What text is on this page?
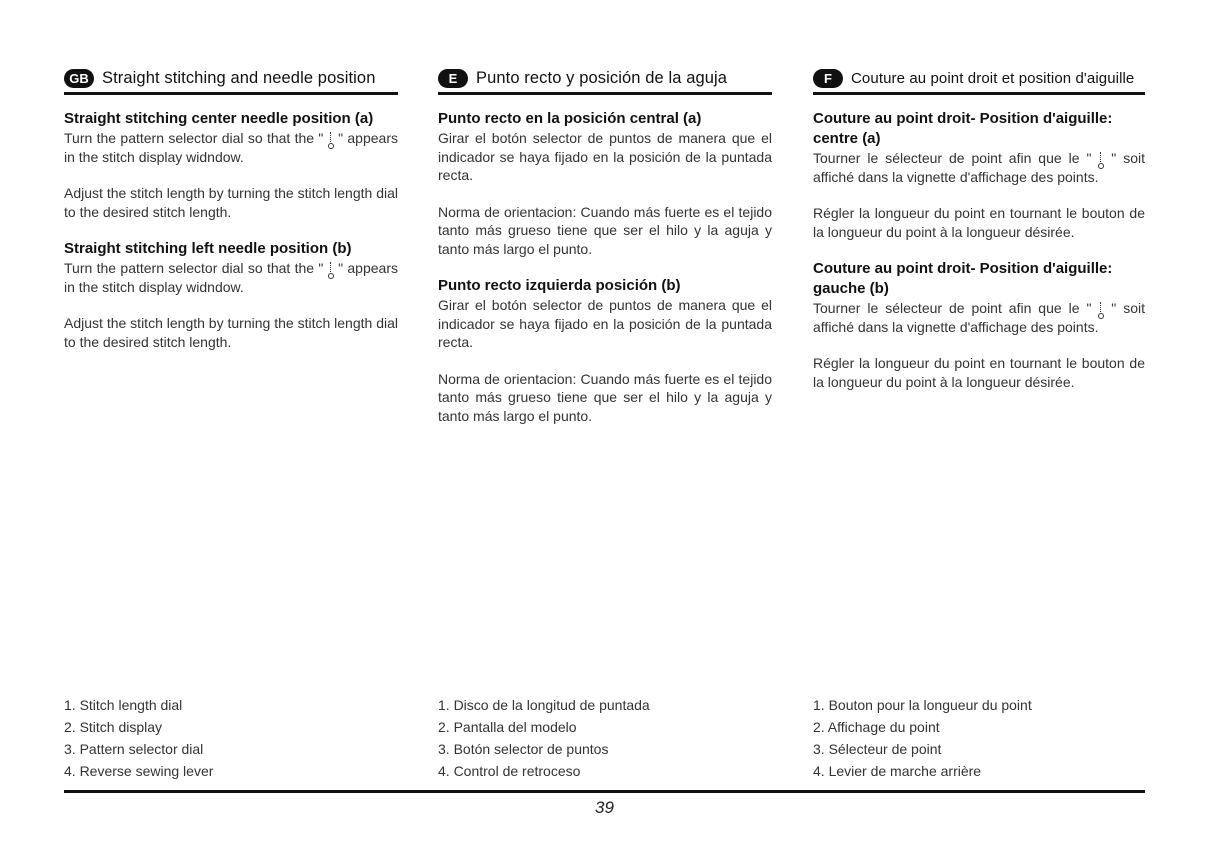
GB Straight stitching and needle position
Straight stitching center needle position (a)
Turn the pattern selector dial so that the "  " appears in the stitch display widndow.
Adjust the stitch length by turning the stitch length dial to the desired stitch length.
Straight stitching left needle position (b)
Turn the pattern selector dial so that the "  " appears in the stitch display widndow.
Adjust the stitch length by turning the stitch length dial to the desired stitch length.
E	Punto recto y posición de la aguja
Punto recto en la posición central (a)
Girar el botón selector de puntos de manera que el indicador se haya fijado en la posición de la puntada recta.
Norma de orientacion: Cuando más fuerte es el tejido tanto más grueso tiene que ser el hilo y la aguja y tanto más largo el punto.
Punto recto izquierda posición (b)
Girar el botón selector de puntos de manera que el indicador se haya fijado en la posición de la puntada recta.
Norma de orientacion: Cuando más fuerte es el tejido tanto más grueso tiene que ser el hilo y la aguja y tanto más largo el punto.
F	Couture au point droit et position d'aiguille
Couture au point droit- Position d'aiguille: centre (a)
Tourner le sélecteur de point afin que le "  " soit affiché dans la vignette d'affichage des points.
Régler la longueur du point en tournant le bouton de la longueur du point à la longueur désirée.
Couture au point droit- Position d'aiguille: gauche (b)
Tourner le sélecteur de point afin que le "  " soit affiché dans la vignette d'affichage des points.
Régler la longueur du point en tournant le bouton de la longueur du point à la longueur désirée.
1. Stitch length dial
2. Stitch display
3. Pattern selector dial
4. Reverse sewing lever
1. Disco de la longitud de puntada
2. Pantalla del modelo
3. Botón selector de puntos
4. Control de retroceso
1. Bouton pour la longueur du point
2. Affichage du point
3. Sélecteur de point
4. Levier de marche arrière
39
